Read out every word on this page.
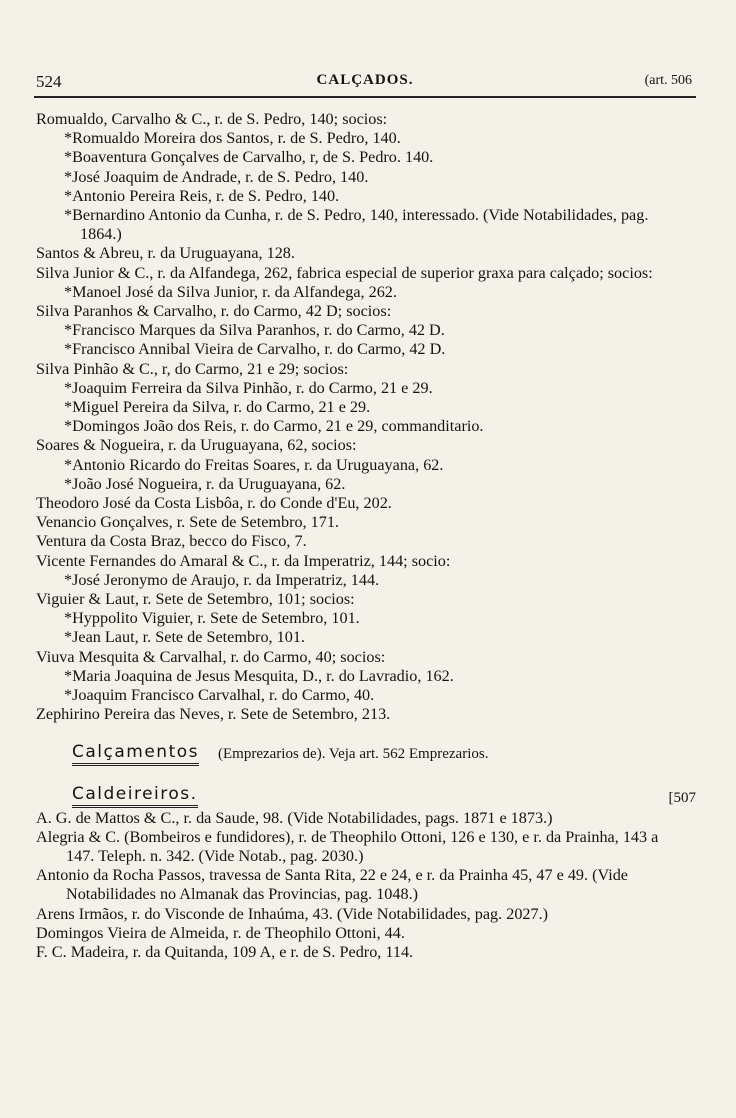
524	CALÇADOS.	(art. 506

Romualdo, Carvalho & C., r. de S. Pedro, 140; socios:

*Romualdo Moreira dos Santos, r. de S. Pedro, 140.

*Boaventura Gonçalves de Carvalho, r, de S. Pedro. 140.

*José Joaquim de Andrade, r. de S. Pedro, 140.

*Antonio Pereira Reis, r. de S. Pedro, 140.

*Bernardino Antonio da Cunha, r. de S. Pedro, 140, interessado. (Vide Notabilidades, pag. 1864.)

Santos & Abreu, r. da Uruguayana, 128.

Silva Junior & C., r. da Alfandega, 262, fabrica especial de superior graxa para calçado; socios:

*Manoel José da Silva Junior, r. da Alfandega, 262.

Silva Paranhos & Carvalho, r. do Carmo, 42 D; socios:

*Francisco Marques da Silva Paranhos, r. do Carmo, 42 D.

*Francisco Annibal Vieira de Carvalho, r. do Carmo, 42 D.

Silva Pinhão & C., r, do Carmo, 21 e 29; socios:

*Joaquim Ferreira da Silva Pinhão, r. do Carmo, 21 e 29.

*Miguel Pereira da Silva, r. do Carmo, 21 e 29.

*Domingos João dos Reis, r. do Carmo, 21 e 29, commanditario.

Soares & Nogueira, r. da Uruguayana, 62, socios:

*Antonio Ricardo do Freitas Soares, r. da Uruguayana, 62.

*João José Nogueira, r. da Uruguayana, 62.

Theodoro José da Costa Lisbôa, r. do Conde d'Eu, 202.

Venancio Gonçalves, r. Sete de Setembro, 171.

Ventura da Costa Braz, becco do Fisco, 7.

Vicente Fernandes do Amaral & C., r. da Imperatriz, 144; socio:

*José Jeronymo de Araujo, r. da Imperatriz, 144.

Viguier & Laut, r. Sete de Setembro, 101; socios:

*Hyppolito Viguier, r. Sete de Setembro, 101.

*Jean Laut, r. Sete de Setembro, 101.

Viuva Mesquita & Carvalhal, r. do Carmo, 40; socios:

*Maria Joaquina de Jesus Mesquita, D., r. do Lavradio, 162.

*Joaquim Francisco Carvalhal, r. do Carmo, 40.

Zephirino Pereira das Neves, r. Sete de Setembro, 213.

Calçamentos (Emprezarios de). Veja art. 562 Emprezarios.
Caldeireiros.	[507

A. G. de Mattos & C., r. da Saude, 98. (Vide Notabilidades, pags. 1871 e 1873.)

Alegria & C. (Bombeiros e fundidores), r. de Theophilo Ottoni, 126 e 130, e r. da Prainha, 143 a 147. Teleph. n. 342. (Vide Notab., pag. 2030.)

Antonio da Rocha Passos, travessa de Santa Rita, 22 e 24, e r. da Prainha 45, 47 e 49. (Vide Notabilidades no Almanak das Provincias, pag. 1048.)

Arens Irmãos, r. do Visconde de Inhaúma, 43. (Vide Notabilidades, pag. 2027.)

Domingos Vieira de Almeida, r. de Theophilo Ottoni, 44.

F. C. Madeira, r. da Quitanda, 109 A, e r. de S. Pedro, 114.
